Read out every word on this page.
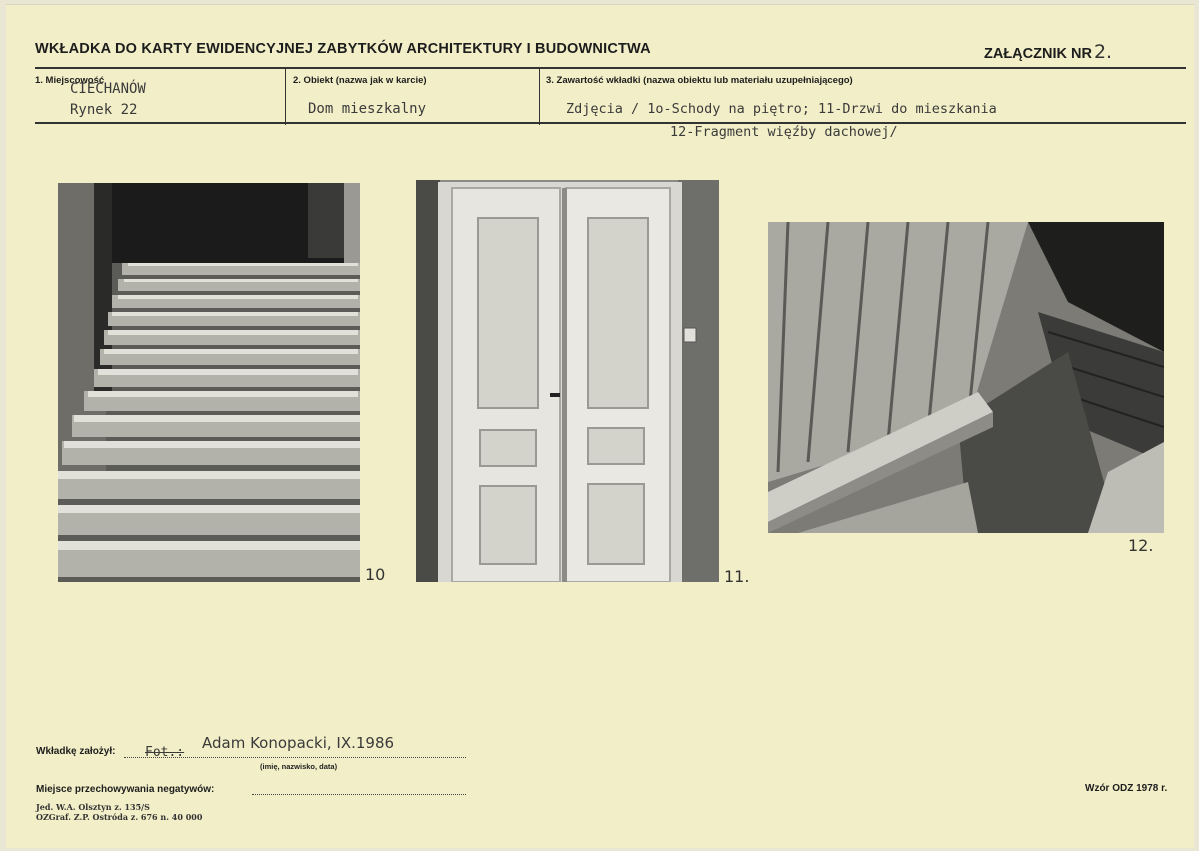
WKŁADKA DO KARTY EWIDENCYJNEJ ZABYTKÓW ARCHITEKTURY I BUDOWNICTWA	ZAŁĄCZNIK NR 2.
1. Miejscowość	2. Obiekt (nazwa jak w karcie)	3. Zawartość wkładki (nazwa obiektu lub materiału uzupełniającego)
CIECHANÓW
Rynek 22	Dom mieszkalny	Zdjęcia / 1o-Schody na piętro; 11-Drzwi do mieszkania
12-Fragment więźby dachowej/
10	11.
12.
Wkładkę założył: Fot.:
Adam Konopacki, IX.1986
(imię, nazwisko, data)
Miejsce przechowywania negatywów:	Wzór ODZ 1978 r.
Jed. W.A. Olsztyn z. 135/S
OZGraf. Z.P. Ostróda z. 676 n. 40 000
